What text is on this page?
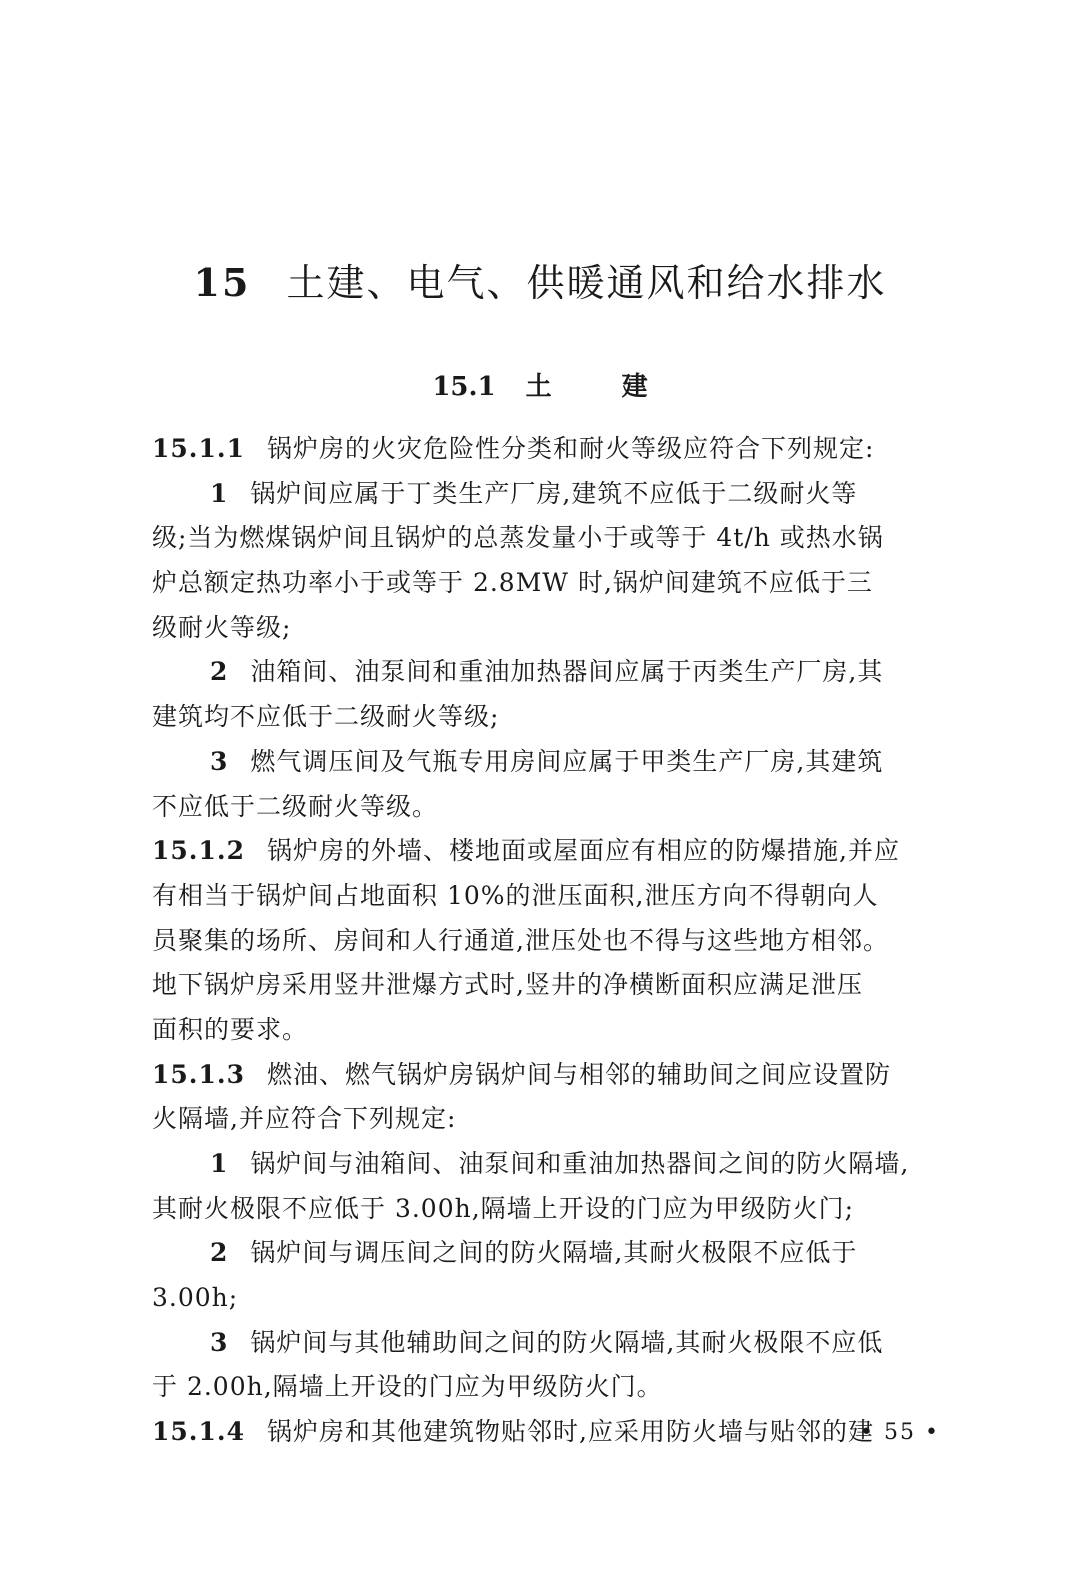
15 土建、电气、供暖通风和给水排水
15.1 土	建
15.1.1 锅炉房的火灾危险性分类和耐火等级应符合下列规定:
1 锅炉间应属于丁类生产厂房,建筑不应低于二级耐火等
级;当为燃煤锅炉间且锅炉的总蒸发量小于或等于 4t/h 或热水锅
炉总额定热功率小于或等于 2.8MW 时,锅炉间建筑不应低于三
级耐火等级;
2 油箱间、油泵间和重油加热器间应属于丙类生产厂房,其
建筑均不应低于二级耐火等级;
3 燃气调压间及气瓶专用房间应属于甲类生产厂房,其建筑
不应低于二级耐火等级。
15.1.2 锅炉房的外墙、楼地面或屋面应有相应的防爆措施,并应
有相当于锅炉间占地面积 10%的泄压面积,泄压方向不得朝向人
员聚集的场所、房间和人行通道,泄压处也不得与这些地方相邻。
地下锅炉房采用竖井泄爆方式时,竖井的净横断面积应满足泄压
面积的要求。
15.1.3 燃油、燃气锅炉房锅炉间与相邻的辅助间之间应设置防
火隔墙,并应符合下列规定:
1 锅炉间与油箱间、油泵间和重油加热器间之间的防火隔墙,
其耐火极限不应低于 3.00h,隔墙上开设的门应为甲级防火门;
2 锅炉间与调压间之间的防火隔墙,其耐火极限不应低于
3.00h;
3 锅炉间与其他辅助间之间的防火隔墙,其耐火极限不应低
于 2.00h,隔墙上开设的门应为甲级防火门。
15.1.4 锅炉房和其他建筑物贴邻时,应采用防火墙与贴邻的建
• 55 •
